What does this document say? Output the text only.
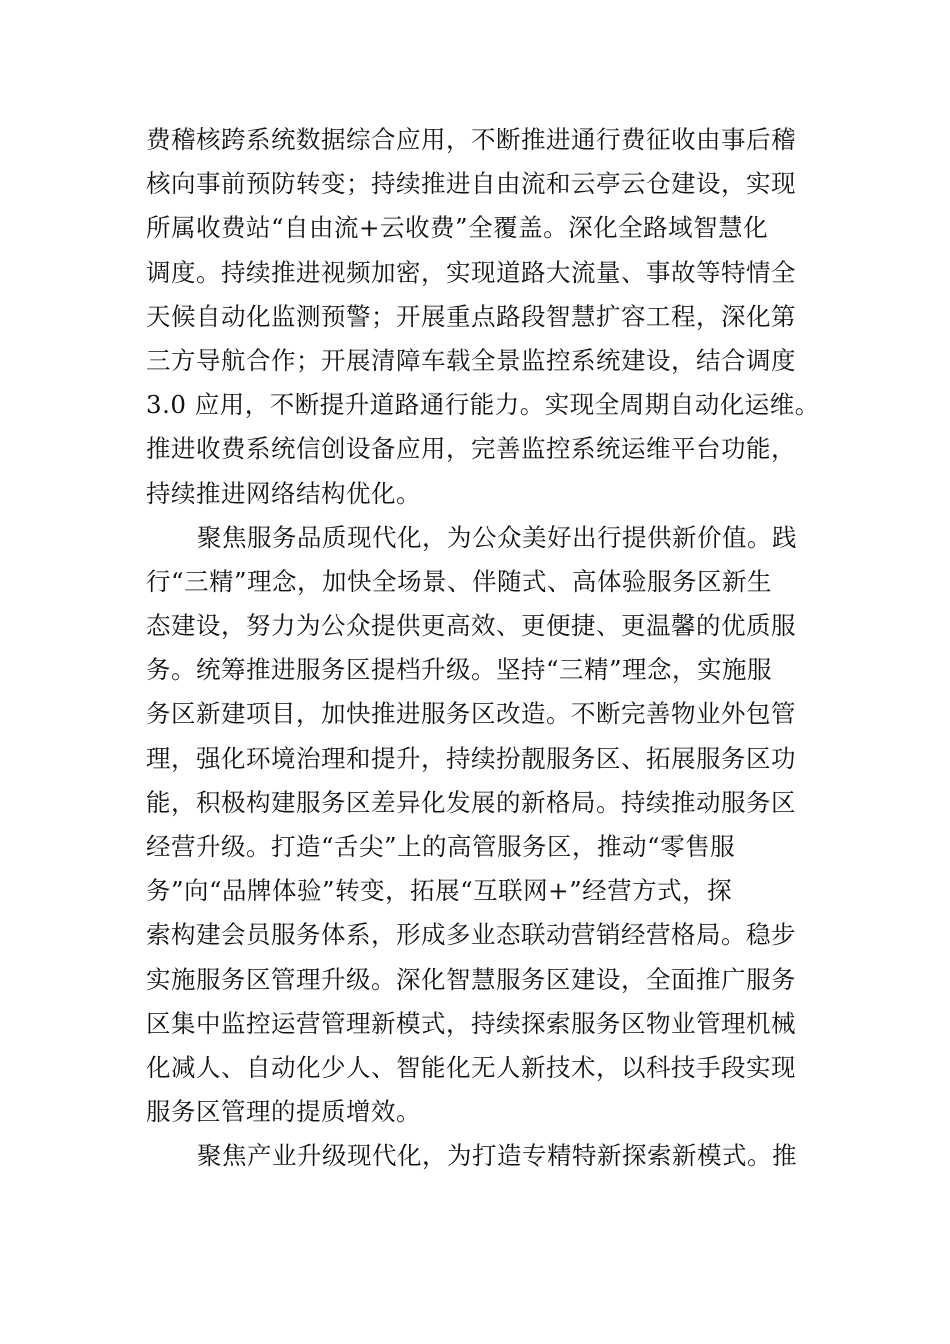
费稽核跨系统数据综合应用，不断推进通行费征收由事后稽
核向事前预防转变；持续推进自由流和云亭云仓建设，实现
所属收费站“自由流+云收费”全覆盖。深化全路域智慧化
调度。持续推进视频加密，实现道路大流量、事故等特情全
天候自动化监测预警；开展重点路段智慧扩容工程，深化第
三方导航合作；开展清障车载全景监控系统建设，结合调度
3.0 应用，不断提升道路通行能力。实现全周期自动化运维。
推进收费系统信创设备应用，完善监控系统运维平台功能，
持续推进网络结构优化。
聚焦服务品质现代化，为公众美好出行提供新价值。践
行“三精”理念，加快全场景、伴随式、高体验服务区新生
态建设，努力为公众提供更高效、更便捷、更温馨的优质服
务。统筹推进服务区提档升级。坚持“三精”理念，实施服
务区新建项目，加快推进服务区改造。不断完善物业外包管
理，强化环境治理和提升，持续扮靓服务区、拓展服务区功
能，积极构建服务区差异化发展的新格局。持续推动服务区
经营升级。打造“舌尖”上的高管服务区，推动“零售服
务”向“品牌体验”转变，拓展“互联网+”经营方式，探
索构建会员服务体系，形成多业态联动营销经营格局。稳步
实施服务区管理升级。深化智慧服务区建设，全面推广服务
区集中监控运营管理新模式，持续探索服务区物业管理机械
化减人、自动化少人、智能化无人新技术，以科技手段实现
服务区管理的提质增效。
聚焦产业升级现代化，为打造专精特新探索新模式。推
